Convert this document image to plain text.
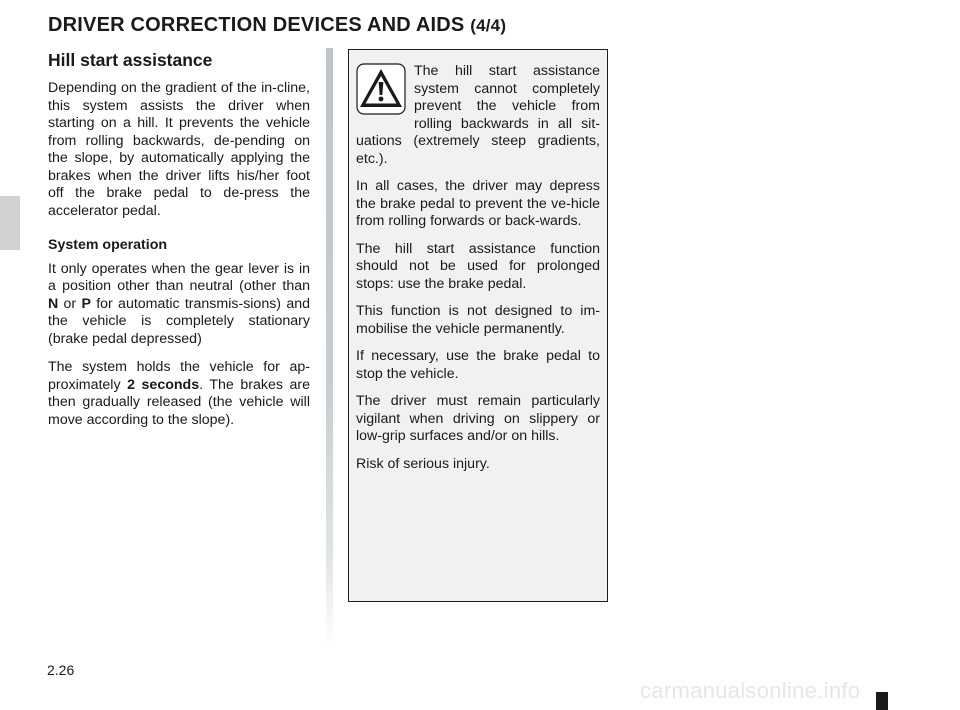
DRIVER CORRECTION DEVICES AND AIDS (4/4)
Hill start assistance

Depending on the gradient of the in-cline, this system assists the driver when starting on a hill. It prevents the vehicle from rolling backwards, de-pending on the slope, by automatically applying the brakes when the driver lifts his/her foot off the brake pedal to de-press the accelerator pedal.

System operation

It only operates when the gear lever is in a position other than neutral (other than N or P for automatic transmis-sions) and the vehicle is completely stationary (brake pedal depressed)

The system holds the vehicle for ap-proximately 2 seconds. The brakes are then gradually released (the vehicle will move according to the slope).

The hill start assistance system cannot completely prevent the vehicle from rolling backwards in all sit-uations (extremely steep gradients, etc.).

In all cases, the driver may depress the brake pedal to prevent the ve-hicle from rolling forwards or back-wards.

The hill start assistance function should not be used for prolonged stops: use the brake pedal.

This function is not designed to im-mobilise the vehicle permanently.

If necessary, use the brake pedal to stop the vehicle.

The driver must remain particularly vigilant when driving on slippery or low-grip surfaces and/or on hills.

Risk of serious injury.

2.26
carmanualsonline.info
